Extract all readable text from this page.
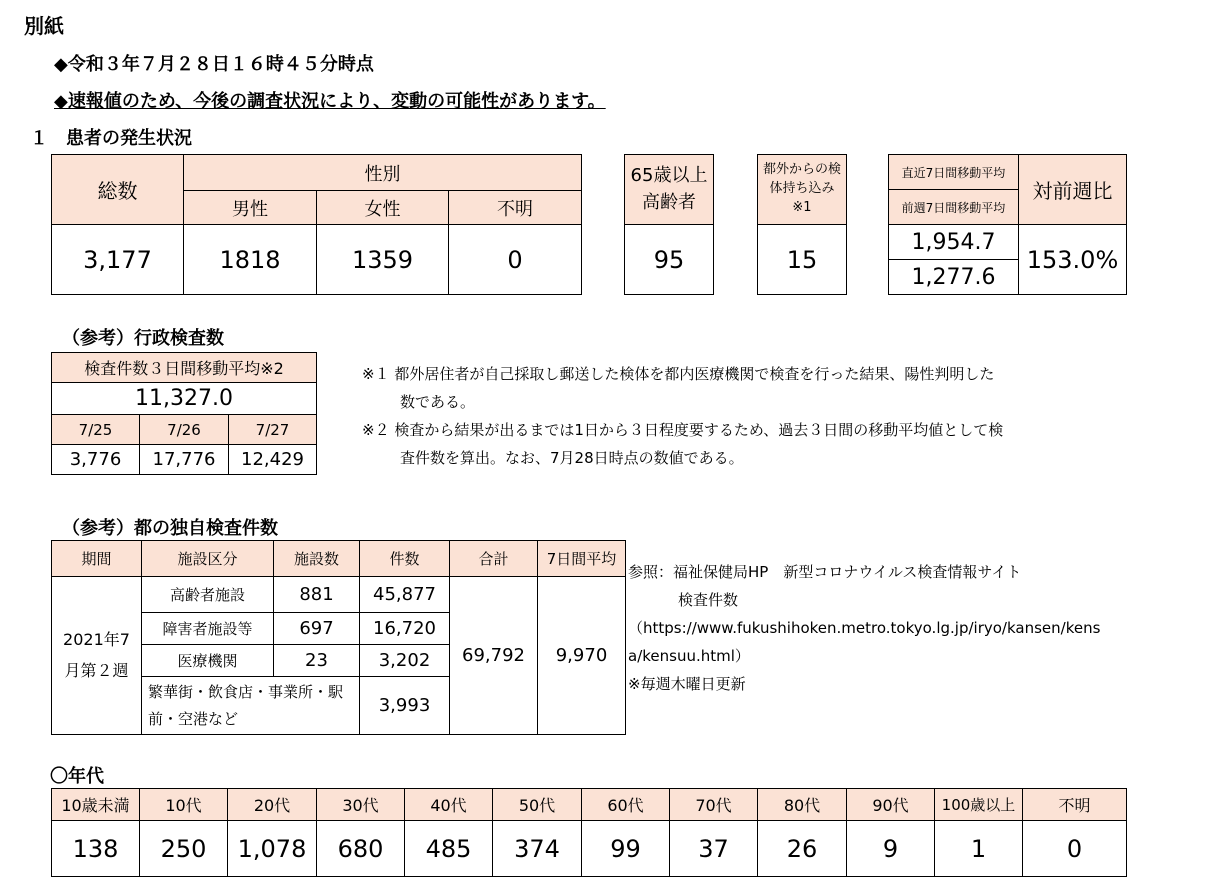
別紙
◆令和３年７月２８日１６時４５分時点
◆速報値のため、今後の調査状況により、変動の可能性があります。
１　患者の発生状況
総数	性別		
	男性	女性	不明
3,177	1818	1359	0
65歳以上
高齢者
95
都外からの検体持ち込み※1
15
直近7日間移動平均	対前週比
前週7日間移動平均	
1,954.7	153.0%
1,277.6	
（参考）行政検査数
検査件数３日間移動平均※2		
11,327.0		
7/25	7/26	7/27
3,776	17,776	12,429
※１ 都外居住者が自己採取し郵送した検体を都内医療機関で検査を行った結果、陽性判明した
数である。
※２ 検査から結果が出るまでは1日から３日程度要するため、過去３日間の移動平均値として検
査件数を算出。なお、7月28日時点の数値である。
（参考）都の独自検査件数
期間	施設区分	施設数	件数	合計	7日間平均
2021年7月第２週	高齢者施設	881	45,877	69,792	9,970
	障害者施設等	697	16,720		
	医療機関	23	3,202		
	繁華街・飲食店・事業所・駅前・空港など		3,993		
参照：福祉保健局HP　新型コロナウイルス検査情報サイト
検査件数
（https://www.fukushihoken.metro.tokyo.lg.jp/iryo/kansen/kens
a/kensuu.html）
※毎週木曜日更新
〇年代
10歳未満	10代	20代	30代	40代	50代	60代	70代	80代	90代	100歳以上	不明
138	250	1,078	680	485	374	99	37	26	9	1	0
